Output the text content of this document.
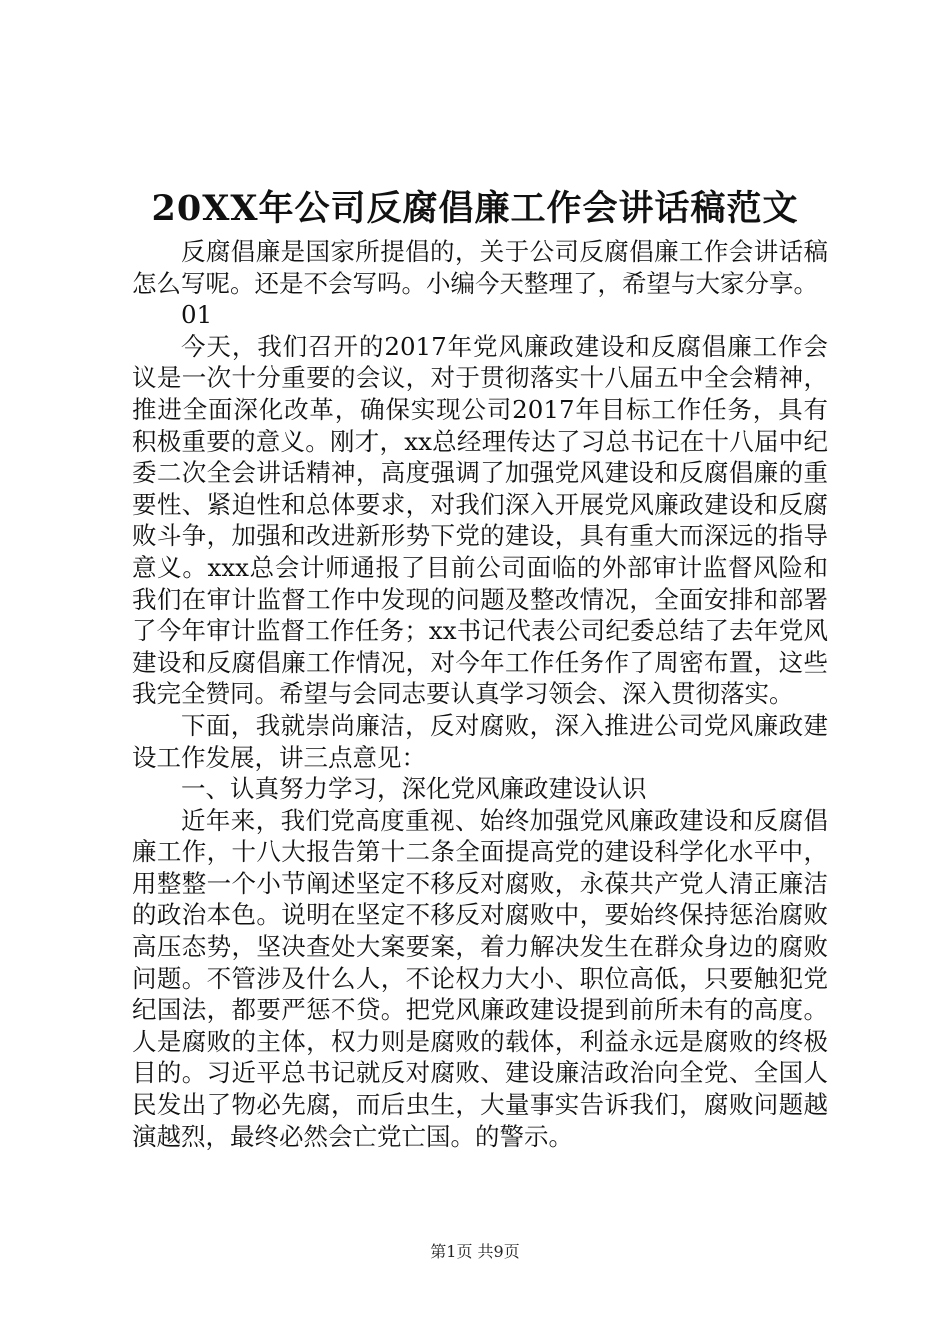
20XX年公司反腐倡廉工作会讲话稿范文

反腐倡廉是国家所提倡的，关于公司反腐倡廉工作会讲话稿怎么写呢。还是不会写吗。小编今天整理了，希望与大家分享。

01

今天，我们召开的2017年党风廉政建设和反腐倡廉工作会议是一次十分重要的会议，对于贯彻落实十八届五中全会精神，推进全面深化改革，确保实现公司2017年目标工作任务，具有积极重要的意义。刚才，xx总经理传达了习总书记在十八届中纪委二次全会讲话精神，高度强调了加强党风建设和反腐倡廉的重要性、紧迫性和总体要求，对我们深入开展党风廉政建设和反腐败斗争，加强和改进新形势下党的建设，具有重大而深远的指导意义。xxx总会计师通报了目前公司面临的外部审计监督风险和我们在审计监督工作中发现的问题及整改情况，全面安排和部署了今年审计监督工作任务；xx书记代表公司纪委总结了去年党风建设和反腐倡廉工作情况，对今年工作任务作了周密布置，这些我完全赞同。希望与会同志要认真学习领会、深入贯彻落实。

下面，我就崇尚廉洁，反对腐败，深入推进公司党风廉政建设工作发展，讲三点意见：

一、认真努力学习，深化党风廉政建设认识

近年来，我们党高度重视、始终加强党风廉政建设和反腐倡廉工作，十八大报告第十二条全面提高党的建设科学化水平中，用整整一个小节阐述坚定不移反对腐败，永葆共产党人清正廉洁的政治本色。说明在坚定不移反对腐败中，要始终保持惩治腐败高压态势，坚决查处大案要案，着力解决发生在群众身边的腐败问题。不管涉及什么人，不论权力大小、职位高低，只要触犯党纪国法，都要严惩不贷。把党风廉政建设提到前所未有的高度。人是腐败的主体，权力则是腐败的载体，利益永远是腐败的终极目的。习近平总书记就反对腐败、建设廉洁政治向全党、全国人民发出了物必先腐，而后虫生，大量事实告诉我们，腐败问题越演越烈，最终必然会亡党亡国。的警示。

第1页 共9页
